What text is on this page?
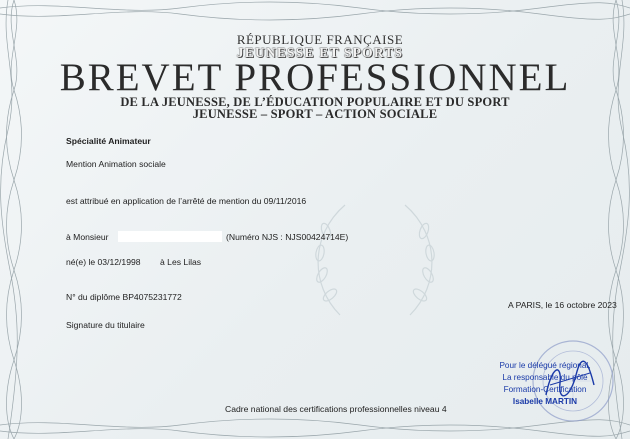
RÉPUBLIQUE FRANÇAISE
JEUNESSE ET SPORTS
BREVET PROFESSIONNEL
DE LA JEUNESSE, DE L’ÉDUCATION POPULAIRE ET DU SPORT
JEUNESSE – SPORT – ACTION SOCIALE
Spécialité Animateur
Mention Animation sociale
est attribué en application de l’arrêté de mention du 09/11/2016
à Monsieur	(Numéro NJS : NJS00424714E)
né(e) le 03/12/1998 à Les Lilas
N° du diplôme BP4075231772
Signature du titulaire
A PARIS, le 16 octobre 2023
Pour le délégué régional,
La responsable du pôle
Formation-Certification
Isabelle MARTIN
Cadre national des certifications professionnelles niveau 4
